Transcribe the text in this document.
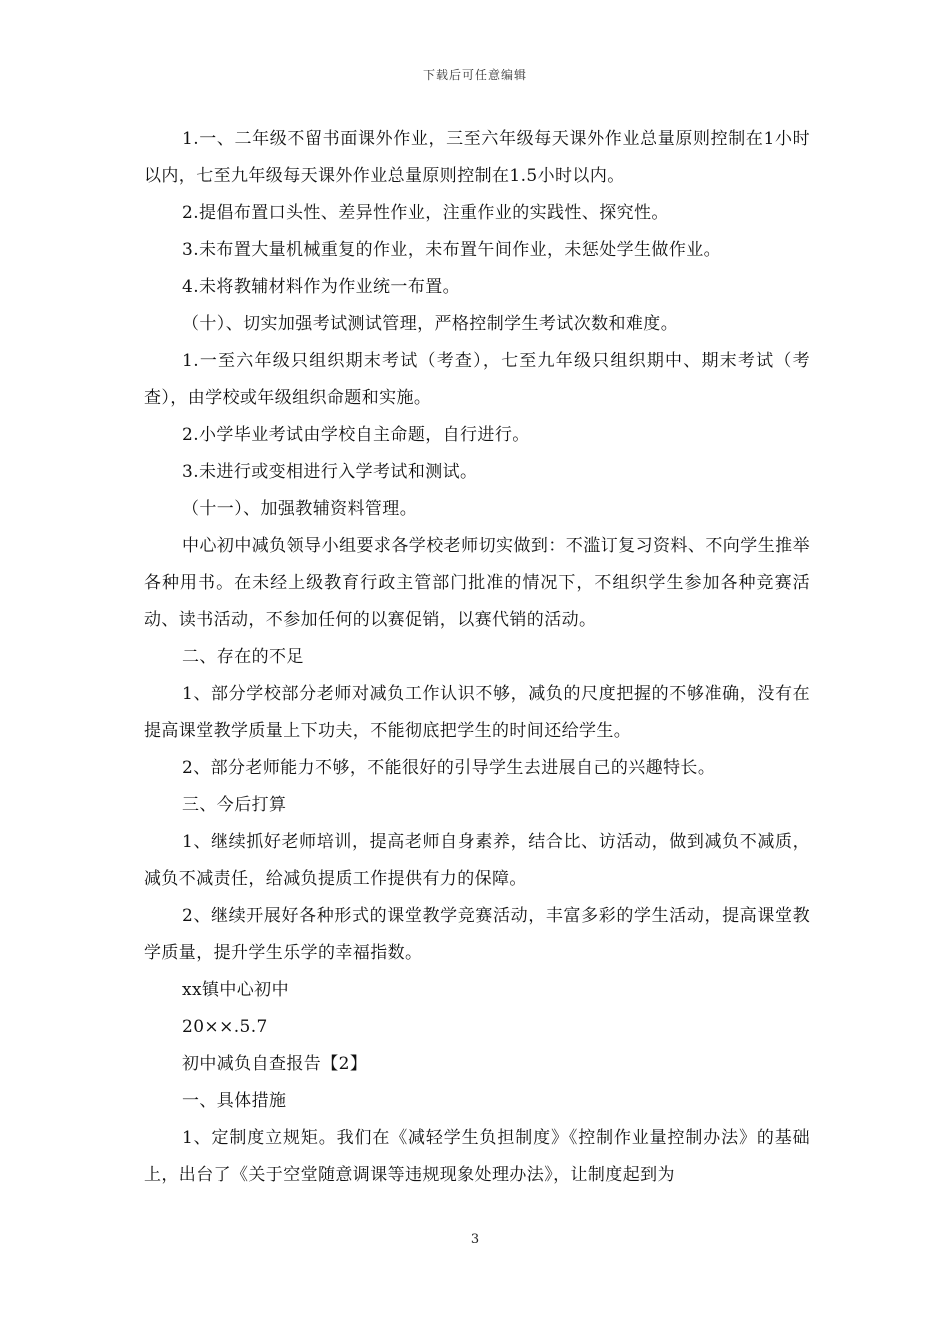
下载后可任意编辑

1.一、二年级不留书面课外作业，三至六年级每天课外作业总量原则控制在1小时以内，七至九年级每天课外作业总量原则控制在1.5小时以内。

2.提倡布置口头性、差异性作业，注重作业的实践性、探究性。

3.未布置大量机械重复的作业，未布置午间作业，未惩处学生做作业。

4.未将教辅材料作为作业统一布置。

（十）、切实加强考试测试管理，严格控制学生考试次数和难度。

1.一至六年级只组织期末考试（考查），七至九年级只组织期中、期末考试（考查），由学校或年级组织命题和实施。

2.小学毕业考试由学校自主命题，自行进行。

3.未进行或变相进行入学考试和测试。

（十一）、加强教辅资料管理。

中心初中减负领导小组要求各学校老师切实做到：不滥订复习资料、不向学生推举各种用书。在未经上级教育行政主管部门批准的情况下，不组织学生参加各种竞赛活动、读书活动，不参加任何的以赛促销，以赛代销的活动。

二、存在的不足

1、部分学校部分老师对减负工作认识不够，减负的尺度把握的不够准确，没有在提高课堂教学质量上下功夫，不能彻底把学生的时间还给学生。

2、部分老师能力不够，不能很好的引导学生去进展自己的兴趣特长。

三、今后打算

1、继续抓好老师培训，提高老师自身素养，结合比、访活动，做到减负不减质，减负不减责任，给减负提质工作提供有力的保障。

2、继续开展好各种形式的课堂教学竞赛活动，丰富多彩的学生活动，提高课堂教学质量，提升学生乐学的幸福指数。

xx镇中心初中

20××.5.7

初中减负自查报告【2】

一、具体措施

1、定制度立规矩。我们在《减轻学生负担制度》《控制作业量控制办法》的基础上，出台了《关于空堂随意调课等违规现象处理办法》，让制度起到为

3
